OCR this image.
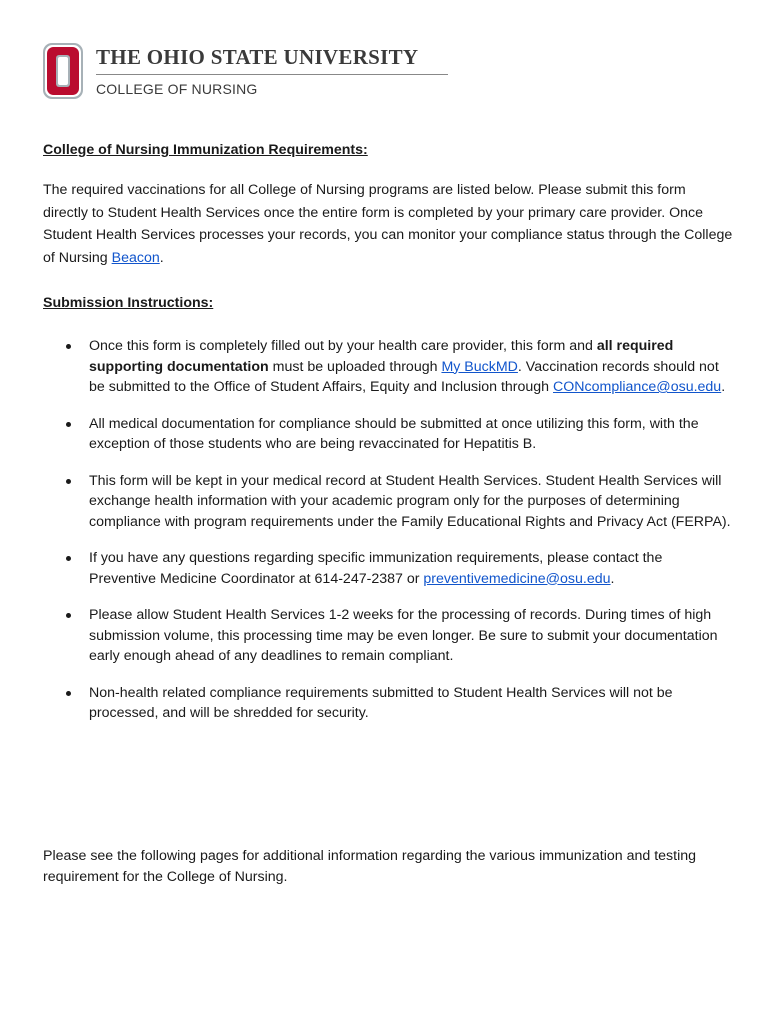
THE OHIO STATE UNIVERSITY
COLLEGE OF NURSING
College of Nursing Immunization Requirements:

The required vaccinations for all College of Nursing programs are listed below. Please submit this form directly to Student Health Services once the entire form is completed by your primary care provider. Once Student Health Services processes your records, you can monitor your compliance status through the College of Nursing Beacon.

Submission Instructions:
Once this form is completely filled out by your health care provider, this form and all required supporting documentation must be uploaded through My BuckMD. Vaccination records should not be submitted to the Office of Student Affairs, Equity and Inclusion through CONcompliance@osu.edu.
All medical documentation for compliance should be submitted at once utilizing this form, with the exception of those students who are being revaccinated for Hepatitis B.
This form will be kept in your medical record at Student Health Services. Student Health Services will exchange health information with your academic program only for the purposes of determining compliance with program requirements under the Family Educational Rights and Privacy Act (FERPA).
If you have any questions regarding specific immunization requirements, please contact the Preventive Medicine Coordinator at 614-247-2387 or preventivemedicine@osu.edu.
Please allow Student Health Services 1-2 weeks for the processing of records. During times of high submission volume, this processing time may be even longer. Be sure to submit your documentation early enough ahead of any deadlines to remain compliant.
Non-health related compliance requirements submitted to Student Health Services will not be processed, and will be shredded for security.

Please see the following pages for additional information regarding the various immunization and testing requirement for the College of Nursing.
